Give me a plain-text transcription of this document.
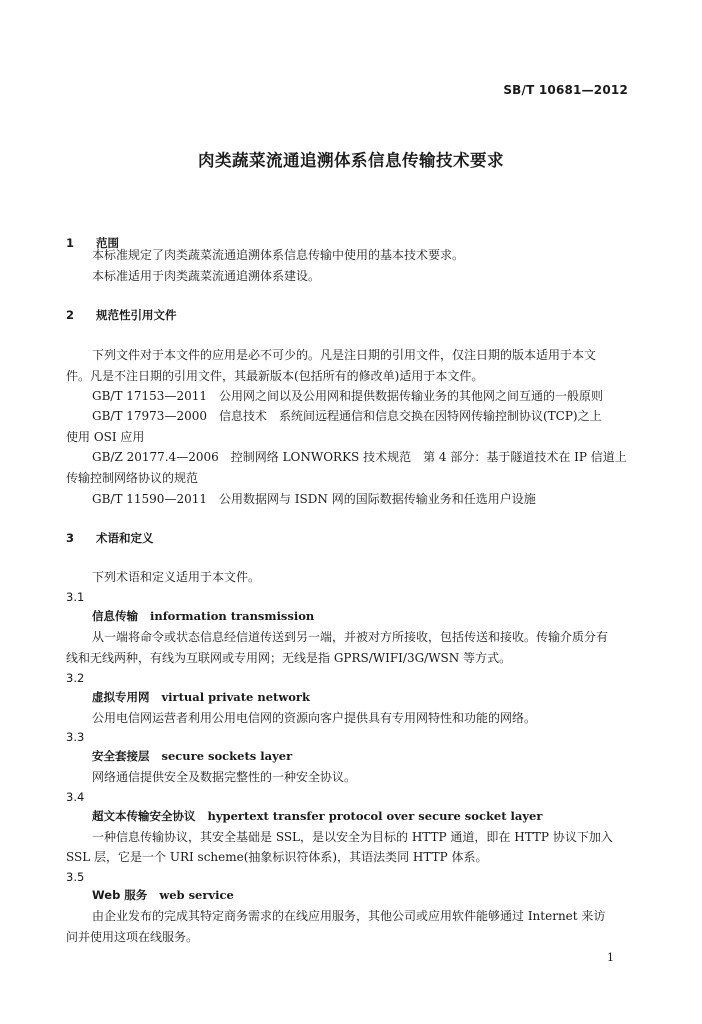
SB/T 10681—2012
肉类蔬菜流通追溯体系信息传输技术要求
1 范围
本标准规定了肉类蔬菜流通追溯体系信息传输中使用的基本技术要求。
本标准适用于肉类蔬菜流通追溯体系建设。
2 规范性引用文件
下列文件对于本文件的应用是必不可少的。凡是注日期的引用文件，仅注日期的版本适用于本文
件。凡是不注日期的引用文件，其最新版本(包括所有的修改单)适用于本文件。
GB/T 17153—2011　公用网之间以及公用网和提供数据传输业务的其他网之间互通的一般原则
GB/T 17973—2000　信息技术　系统间远程通信和信息交换在因特网传输控制协议(TCP)之上
使用 OSI 应用
GB/Z 20177.4—2006　控制网络 LONWORKS 技术规范　第 4 部分：基于隧道技术在 IP 信道上
传输控制网络协议的规范
GB/T 11590—2011　公用数据网与 ISDN 网的国际数据传输业务和任选用户设施
3 术语和定义
下列术语和定义适用于本文件。
3.1
信息传输 information transmission
从一端将命令或状态信息经信道传送到另一端，并被对方所接收，包括传送和接收。传输介质分有
线和无线两种，有线为互联网或专用网；无线是指 GPRS/WIFI/3G/WSN 等方式。
3.2
虚拟专用网 virtual private network
公用电信网运营者利用公用电信网的资源向客户提供具有专用网特性和功能的网络。
3.3
安全套接层 secure sockets layer
网络通信提供安全及数据完整性的一种安全协议。
3.4
超文本传输安全协议 hypertext transfer protocol over secure socket layer
一种信息传输协议，其安全基础是 SSL，是以安全为目标的 HTTP 通道，即在 HTTP 协议下加入
SSL 层，它是一个 URI scheme(抽象标识符体系)，其语法类同 HTTP 体系。
3.5
Web 服务 web service
由企业发布的完成其特定商务需求的在线应用服务，其他公司或应用软件能够通过 Internet 来访
问并使用这项在线服务。
1
